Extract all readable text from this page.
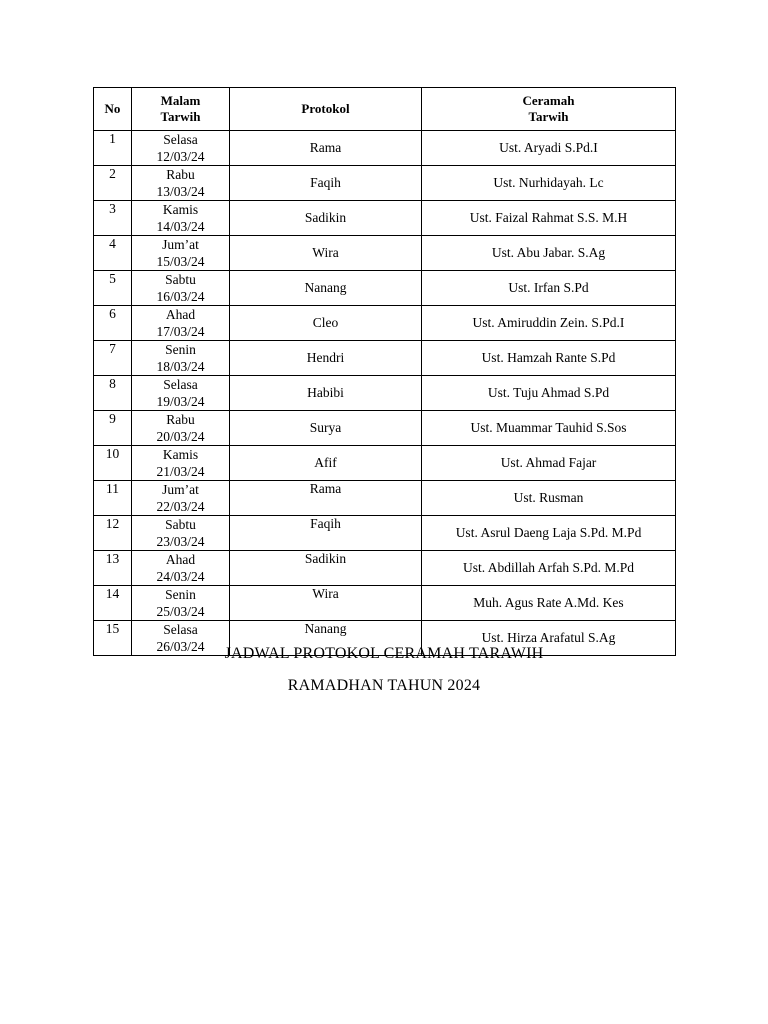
No	Malam
Tarwih	Protokol	Ceramah
Tarwih
1	Selasa
12/03/24	Rama	Ust. Aryadi S.Pd.I
2	Rabu
13/03/24	Faqih	Ust. Nurhidayah. Lc
3	Kamis
14/03/24	Sadikin	Ust. Faizal Rahmat S.S. M.H
4	Jum’at
15/03/24	Wira	Ust. Abu Jabar. S.Ag
5	Sabtu
16/03/24	Nanang	Ust. Irfan S.Pd
6	Ahad
17/03/24	Cleo	Ust. Amiruddin Zein. S.Pd.I
7	Senin
18/03/24	Hendri	Ust. Hamzah Rante S.Pd
8	Selasa
19/03/24	Habibi	Ust. Tuju Ahmad S.Pd
9	Rabu
20/03/24	Surya	Ust. Muammar Tauhid S.Sos
10	Kamis
21/03/24	Afif	Ust. Ahmad Fajar
11	Jum’at
22/03/24	Rama	Ust. Rusman
12	Sabtu
23/03/24	Faqih	Ust. Asrul Daeng Laja S.Pd. M.Pd
13	Ahad
24/03/24	Sadikin	Ust. Abdillah Arfah S.Pd. M.Pd
14	Senin
25/03/24	Wira	Muh. Agus Rate A.Md. Kes
15	Selasa
26/03/24	Nanang	Ust. Hirza Arafatul S.Ag
JADWAL PROTOKOL CERAMAH TARAWIH
RAMADHAN TAHUN 2024
